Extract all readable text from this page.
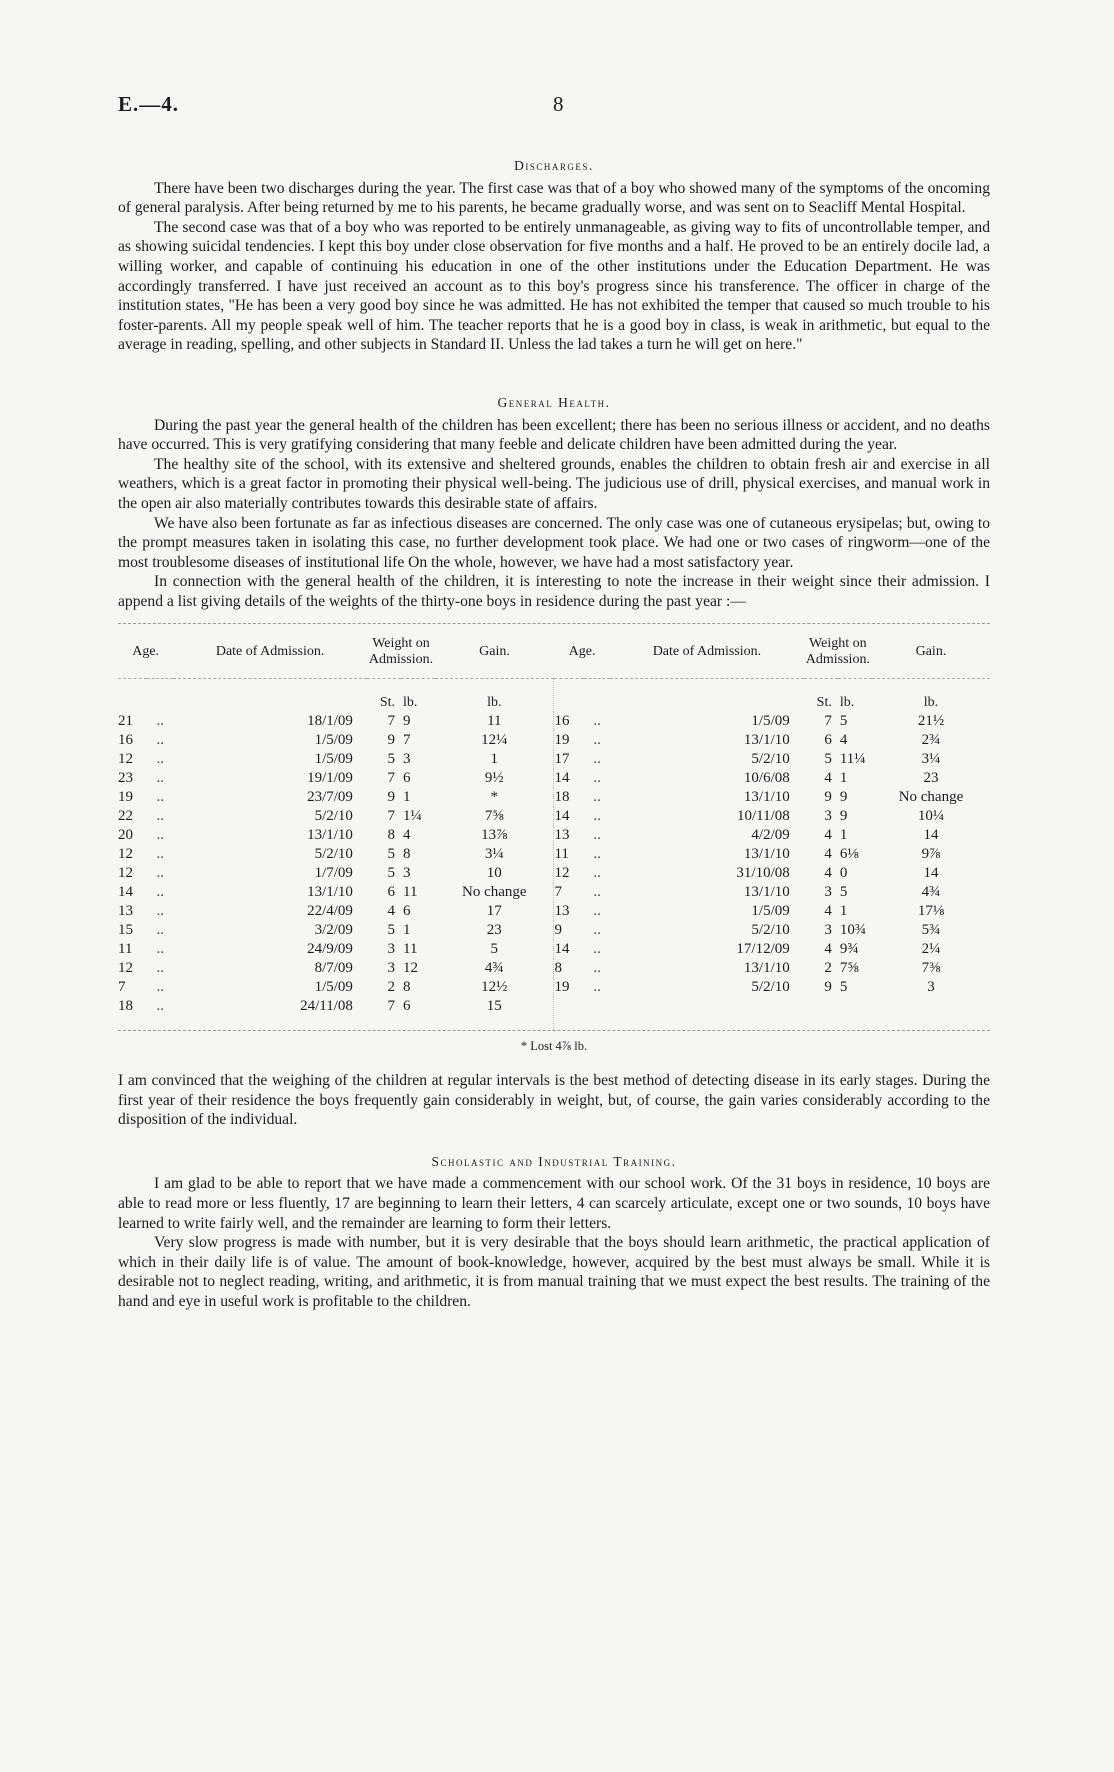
E.—4.	8
Discharges.

There have been two discharges during the year. The first case was that of a boy who showed many of the symptoms of the oncoming of general paralysis. After being returned by me to his parents, he became gradually worse, and was sent on to Seacliff Mental Hospital.

The second case was that of a boy who was reported to be entirely unmanageable, as giving way to fits of uncontrollable temper, and as showing suicidal tendencies. I kept this boy under close observation for five months and a half. He proved to be an entirely docile lad, a willing worker, and capable of continuing his education in one of the other institutions under the Education Department. He was accordingly transferred. I have just received an account as to this boy's progress since his transference. The officer in charge of the institution states, "He has been a very good boy since he was admitted. He has not exhibited the temper that caused so much trouble to his foster-parents. All my people speak well of him. The teacher reports that he is a good boy in class, is weak in arithmetic, but equal to the average in reading, spelling, and other subjects in Standard II. Unless the lad takes a turn he will get on here."

General Health.

During the past year the general health of the children has been excellent; there has been no serious illness or accident, and no deaths have occurred. This is very gratifying considering that many feeble and delicate children have been admitted during the year.

The healthy site of the school, with its extensive and sheltered grounds, enables the children to obtain fresh air and exercise in all weathers, which is a great factor in promoting their physical well-being. The judicious use of drill, physical exercises, and manual work in the open air also materially contributes towards this desirable state of affairs.

We have also been fortunate as far as infectious diseases are concerned. The only case was one of cutaneous erysipelas; but, owing to the prompt measures taken in isolating this case, no further development took place. We had one or two cases of ringworm—one of the most troublesome diseases of institutional life On the whole, however, we have had a most satisfactory year.

In connection with the general health of the children, it is interesting to note the increase in their weight since their admission. I append a list giving details of the weights of the thirty-one boys in residence during the past year :—

Age.		Date of Admission.	Weight on Admission.		Gain.	Age.		Date of Admission.	Weight on Admission.		Gain.
			St.	lb.	lb.				St.	lb.	lb.
21	..	18/1/09	7	9	11	16	..	1/5/09	7	5	21½
16	..	1/5/09	9	7	12¼	19	..	13/1/10	6	4	2¾
12	..	1/5/09	5	3	1	17	..	5/2/10	5	11¼	3¼
23	..	19/1/09	7	6	9½	14	..	10/6/08	4	1	23
19	..	23/7/09	9	1	*	18	..	13/1/10	9	9	No change
22	..	5/2/10	7	1¼	7⅝	14	..	10/11/08	3	9	10¼
20	..	13/1/10	8	4	13⅞	13	..	4/2/09	4	1	14
12	..	5/2/10	5	8	3¼	11	..	13/1/10	4	6⅛	9⅞
12	..	1/7/09	5	3	10	12	..	31/10/08	4	0	14
14	..	13/1/10	6	11	No change	7	..	13/1/10	3	5	4¾
13	..	22/4/09	4	6	17	13	..	1/5/09	4	1	17⅛
15	..	3/2/09	5	1	23	9	..	5/2/10	3	10¾	5¾
11	..	24/9/09	3	11	5	14	..	17/12/09	4	9¾	2¼
12	..	8/7/09	3	12	4¾	8	..	13/1/10	2	7⅝	7⅜
7	..	1/5/09	2	8	12½	19	..	5/2/10	9	5	3
18	..	24/11/08	7	6	15						
* Lost 4⅞ lb.

I am convinced that the weighing of the children at regular intervals is the best method of detecting disease in its early stages. During the first year of their residence the boys frequently gain considerably in weight, but, of course, the gain varies considerably according to the disposition of the individual.

Scholastic and Industrial Training.

I am glad to be able to report that we have made a commencement with our school work. Of the 31 boys in residence, 10 boys are able to read more or less fluently, 17 are beginning to learn their letters, 4 can scarcely articulate, except one or two sounds, 10 boys have learned to write fairly well, and the remainder are learning to form their letters.

Very slow progress is made with number, but it is very desirable that the boys should learn arithmetic, the practical application of which in their daily life is of value. The amount of book-knowledge, however, acquired by the best must always be small. While it is desirable not to neglect reading, writing, and arithmetic, it is from manual training that we must expect the best results. The training of the hand and eye in useful work is profitable to the children.
